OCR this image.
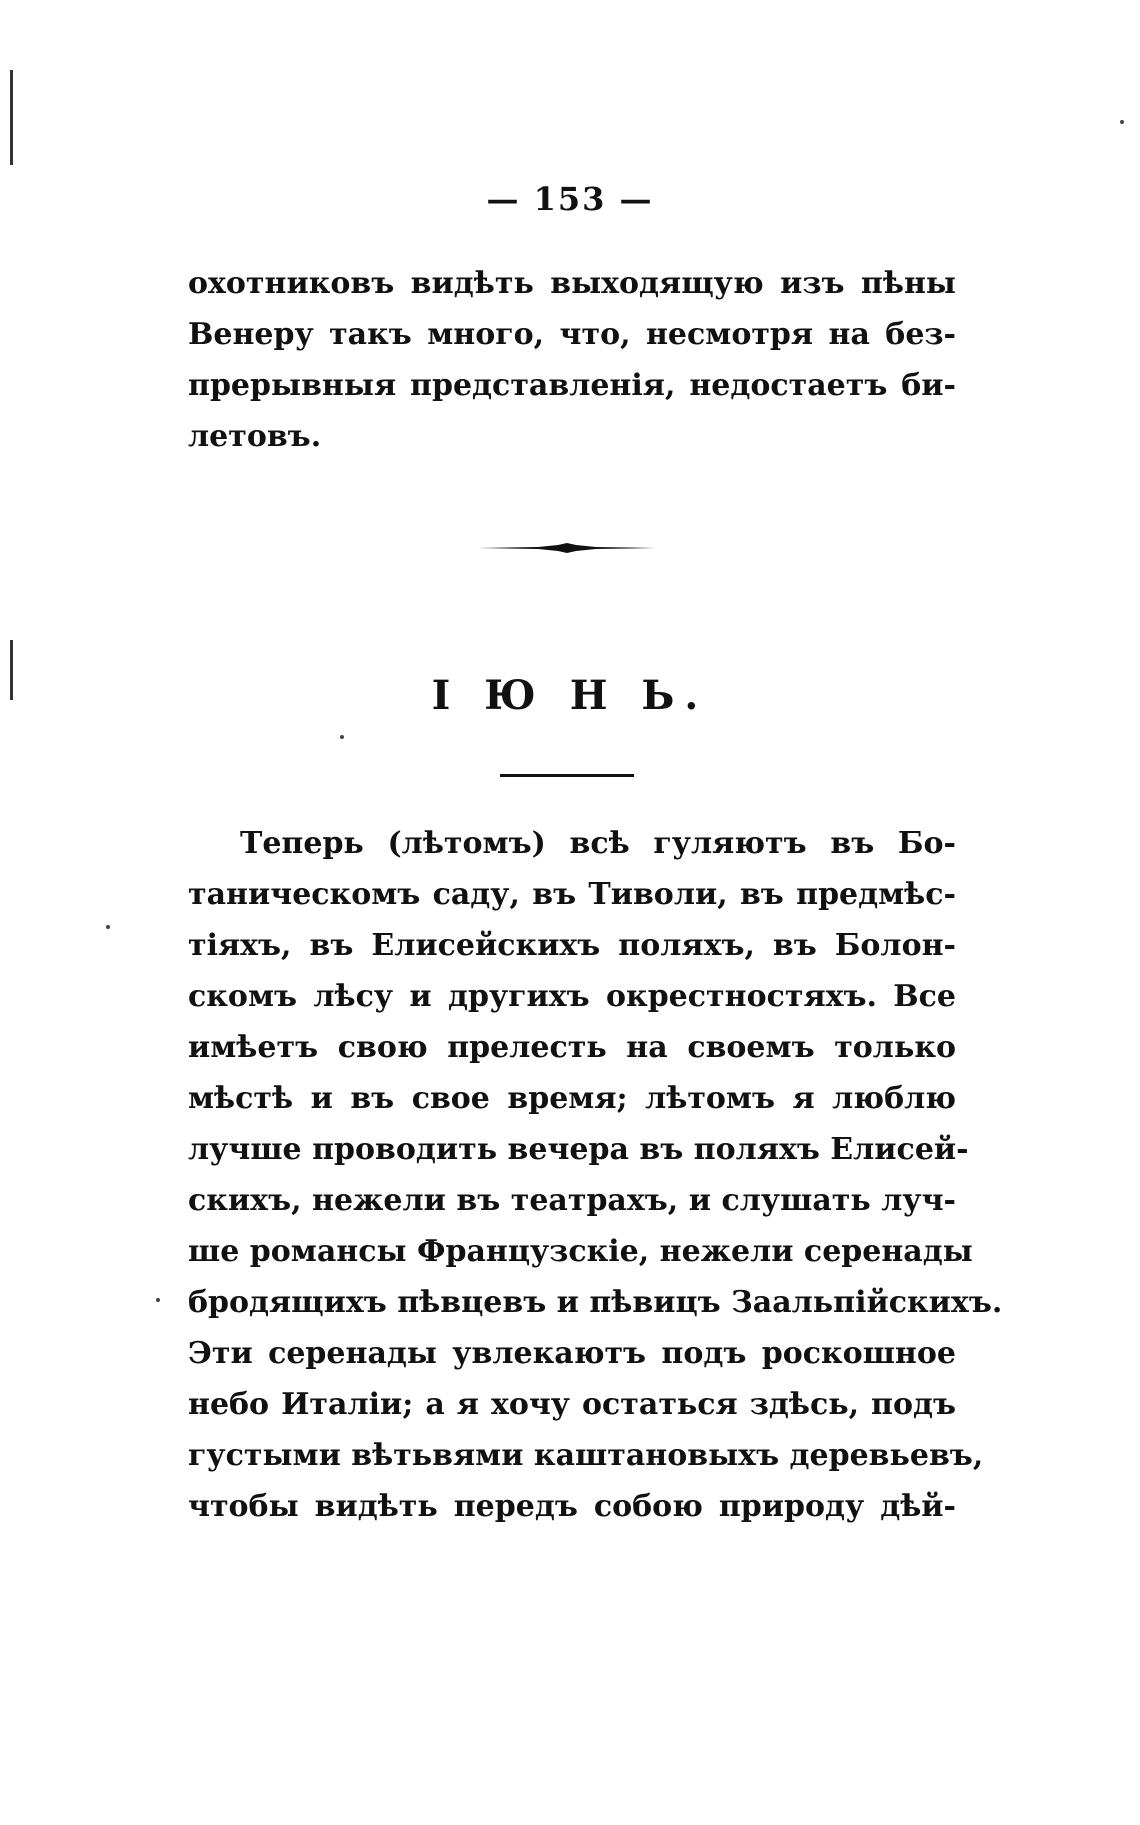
— 153 —
охотниковъ видѣть выходящую изъ пѣны
Венеру такъ много, что, несмотря на без-
прерывныя представленія, недостаетъ би-
летовъ.
І Ю Н Ь.
Теперь (лѣтомъ) всѣ гуляютъ въ Бо-
таническомъ саду, въ Тиволи, въ предмѣс-
тіяхъ, въ Елисейскихъ поляхъ, въ Болон-
скомъ лѣсу и другихъ окрестностяхъ. Все
имѣетъ свою прелесть на своемъ только
мѣстѣ и въ свое время; лѣтомъ я люблю
лучше проводить вечера въ поляхъ Елисей-
скихъ, нежели въ театрахъ, и слушать луч-
ше романсы Французскіе, нежели серенады
бродящихъ пѣвцевъ и пѣвицъ Заальпійскихъ.
Эти серенады увлекаютъ подъ роскошное
небо Италіи; а я хочу остаться здѣсь, подъ
густыми вѣтьвями каштановыхъ деревьевъ,
чтобы видѣть передъ собою природу дѣй-
